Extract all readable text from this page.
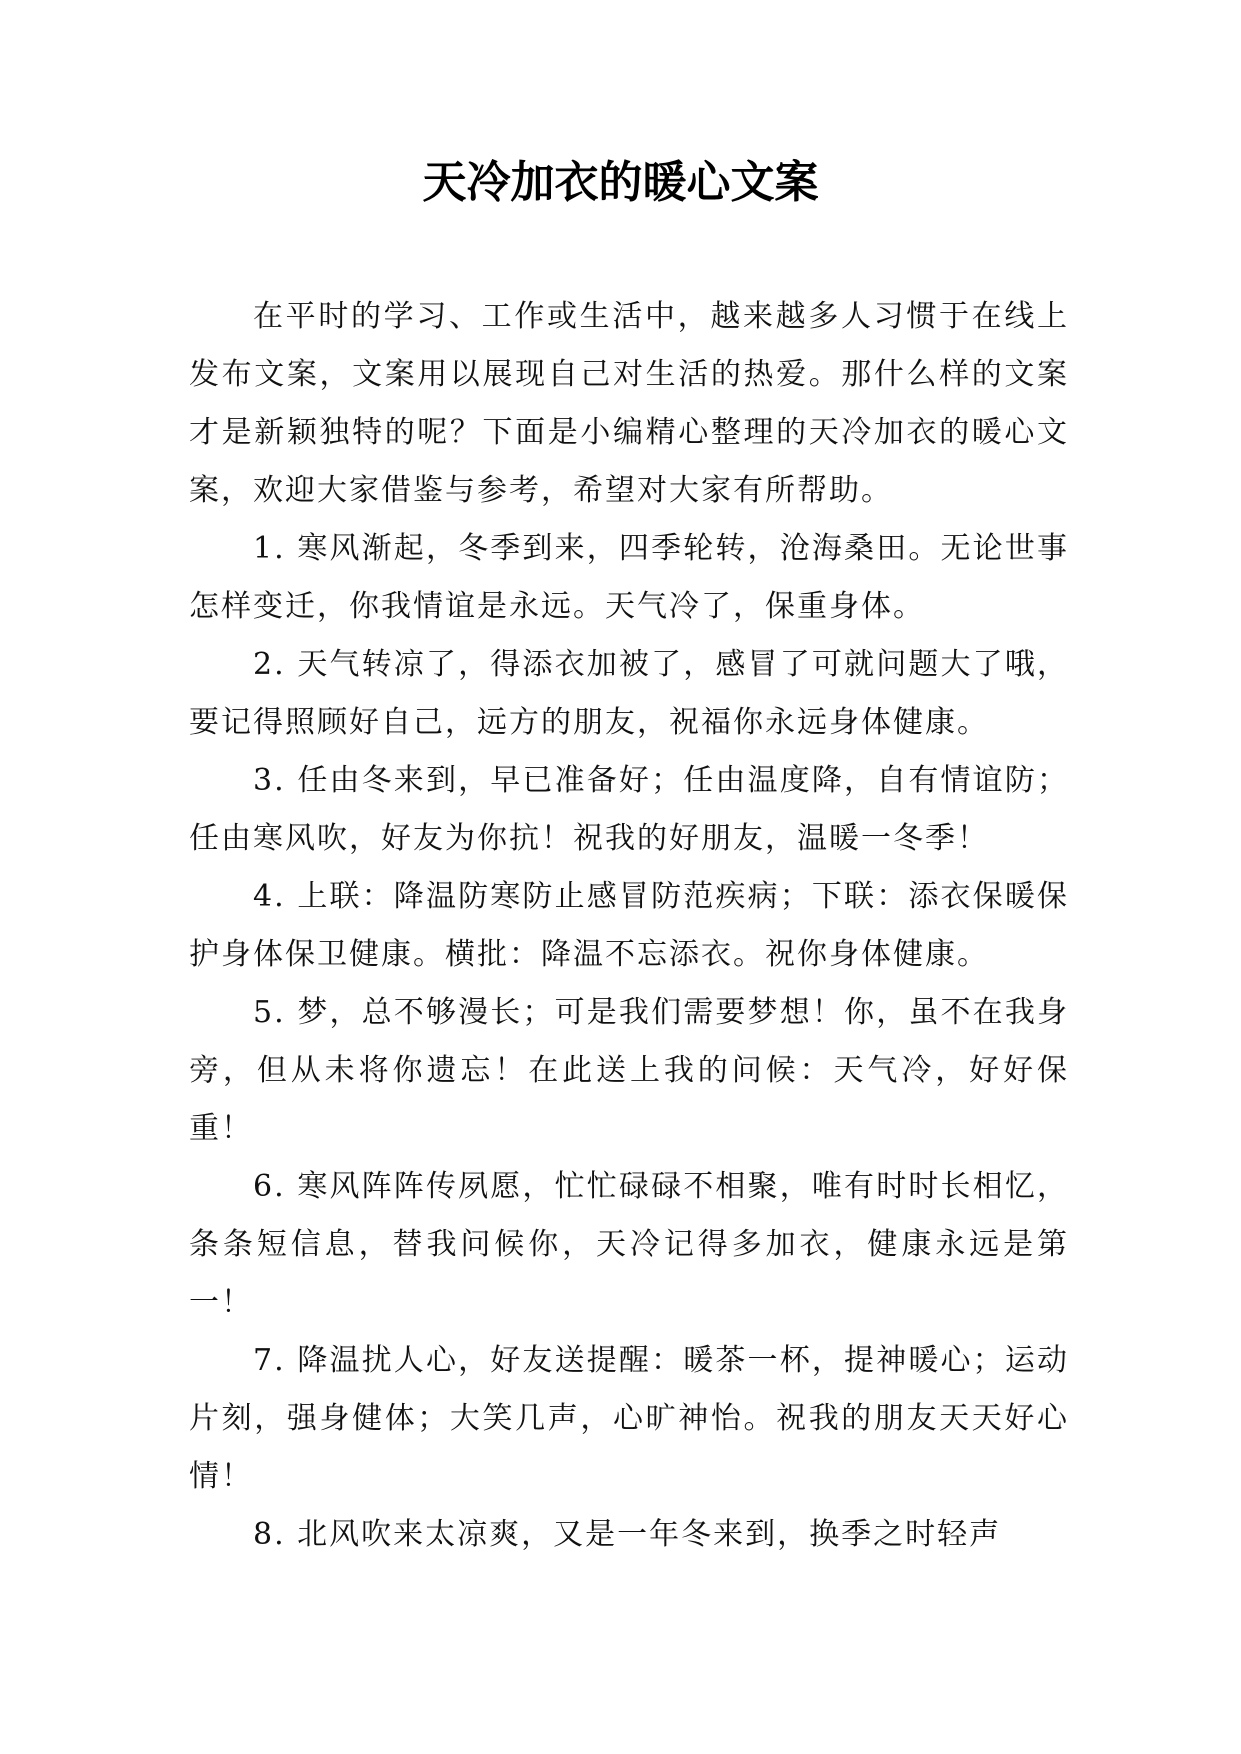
天冷加衣的暖心文案

在平时的学习、工作或生活中，越来越多人习惯于在线上发布文案，文案用以展现自己对生活的热爱。那什么样的文案才是新颖独特的呢？下面是小编精心整理的天冷加衣的暖心文案，欢迎大家借鉴与参考，希望对大家有所帮助。

1. 寒风渐起，冬季到来，四季轮转，沧海桑田。无论世事怎样变迁，你我情谊是永远。天气冷了，保重身体。

2. 天气转凉了，得添衣加被了，感冒了可就问题大了哦，要记得照顾好自己，远方的朋友，祝福你永远身体健康。

3. 任由冬来到，早已准备好；任由温度降，自有情谊防；任由寒风吹，好友为你抗！祝我的好朋友，温暖一冬季！

4. 上联：降温防寒防止感冒防范疾病；下联：添衣保暖保护身体保卫健康。横批：降温不忘添衣。祝你身体健康。

5. 梦，总不够漫长；可是我们需要梦想！你，虽不在我身旁，但从未将你遗忘！在此送上我的问候：天气冷，好好保重！

6. 寒风阵阵传夙愿，忙忙碌碌不相聚，唯有时时长相忆，条条短信息，替我问候你，天冷记得多加衣，健康永远是第一！

7. 降温扰人心，好友送提醒：暖茶一杯，提神暖心；运动片刻，强身健体；大笑几声，心旷神怡。祝我的朋友天天好心情！

8. 北风吹来太凉爽，又是一年冬来到，换季之时轻声
